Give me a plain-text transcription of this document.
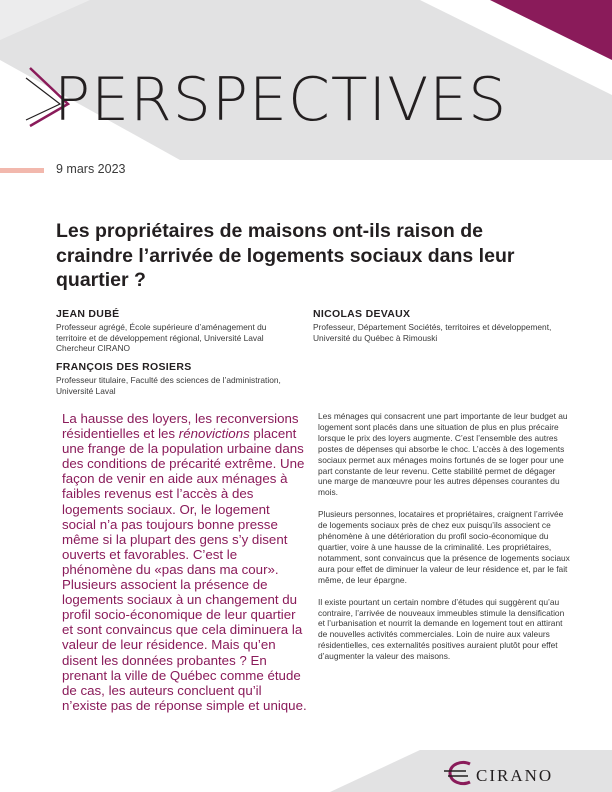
PERSPECTIVES
9 mars 2023
Les propriétaires de maisons ont-ils raison de craindre l’arrivée de logements sociaux dans leur quartier ?
JEAN DUBÉ
Professeur agrégé, École supérieure d’aménagement du
territoire et de développement régional, Université Laval
Chercheur CIRANO
FRANÇOIS DES ROSIERS
Professeur titulaire, Faculté des sciences de l’administration,
Université Laval
NICOLAS DEVAUX
Professeur, Département Sociétés, territoires et développement,
Université du Québec à Rimouski
La hausse des loyers, les reconversions résidentielles et les rénovictions placent une frange de la population urbaine dans des conditions de précarité extrême. Une façon de venir en aide aux ménages à faibles revenus est l’accès à des logements sociaux. Or, le logement social n’a pas toujours bonne presse même si la plupart des gens s’y disent ouverts et favorables. C’est le phénomène du «pas dans ma cour». Plusieurs associent la présence de logements sociaux à un changement du profil socio-économique de leur quartier et sont convaincus que cela diminuera la valeur de leur résidence. Mais qu’en disent les données probantes ? En prenant la ville de Québec comme étude de cas, les auteurs concluent qu’il n’existe pas de réponse simple et unique.

Les ménages qui consacrent une part importante de leur budget au logement sont placés dans une situation de plus en plus précaire lorsque le prix des loyers augmente. C’est l’ensemble des autres postes de dépenses qui absorbe le choc. L’accès à des logements sociaux permet aux ménages moins fortunés de se loger pour une part constante de leur revenu. Cette stabilité permet de dégager une marge de manœuvre pour les autres dépenses courantes du mois.

Plusieurs personnes, locataires et propriétaires, craignent l’arrivée de logements sociaux près de chez eux puisqu’ils associent ce phénomène à une détérioration du profil socio-économique du quartier, voire à une hausse de la criminalité. Les propriétaires, notamment, sont convaincus que la présence de logements sociaux aura pour effet de diminuer la valeur de leur résidence et, par le fait même, de leur épargne.

Il existe pourtant un certain nombre d’études qui suggèrent qu’au contraire, l’arrivée de nouveaux immeubles stimule la densification et l’urbanisation et nourrit la demande en logement tout en attirant de nouvelles activités commerciales. Loin de nuire aux valeurs résidentielles, ces externalités positives auraient plutôt pour effet d’augmenter la valeur des maisons.

CIRANO
